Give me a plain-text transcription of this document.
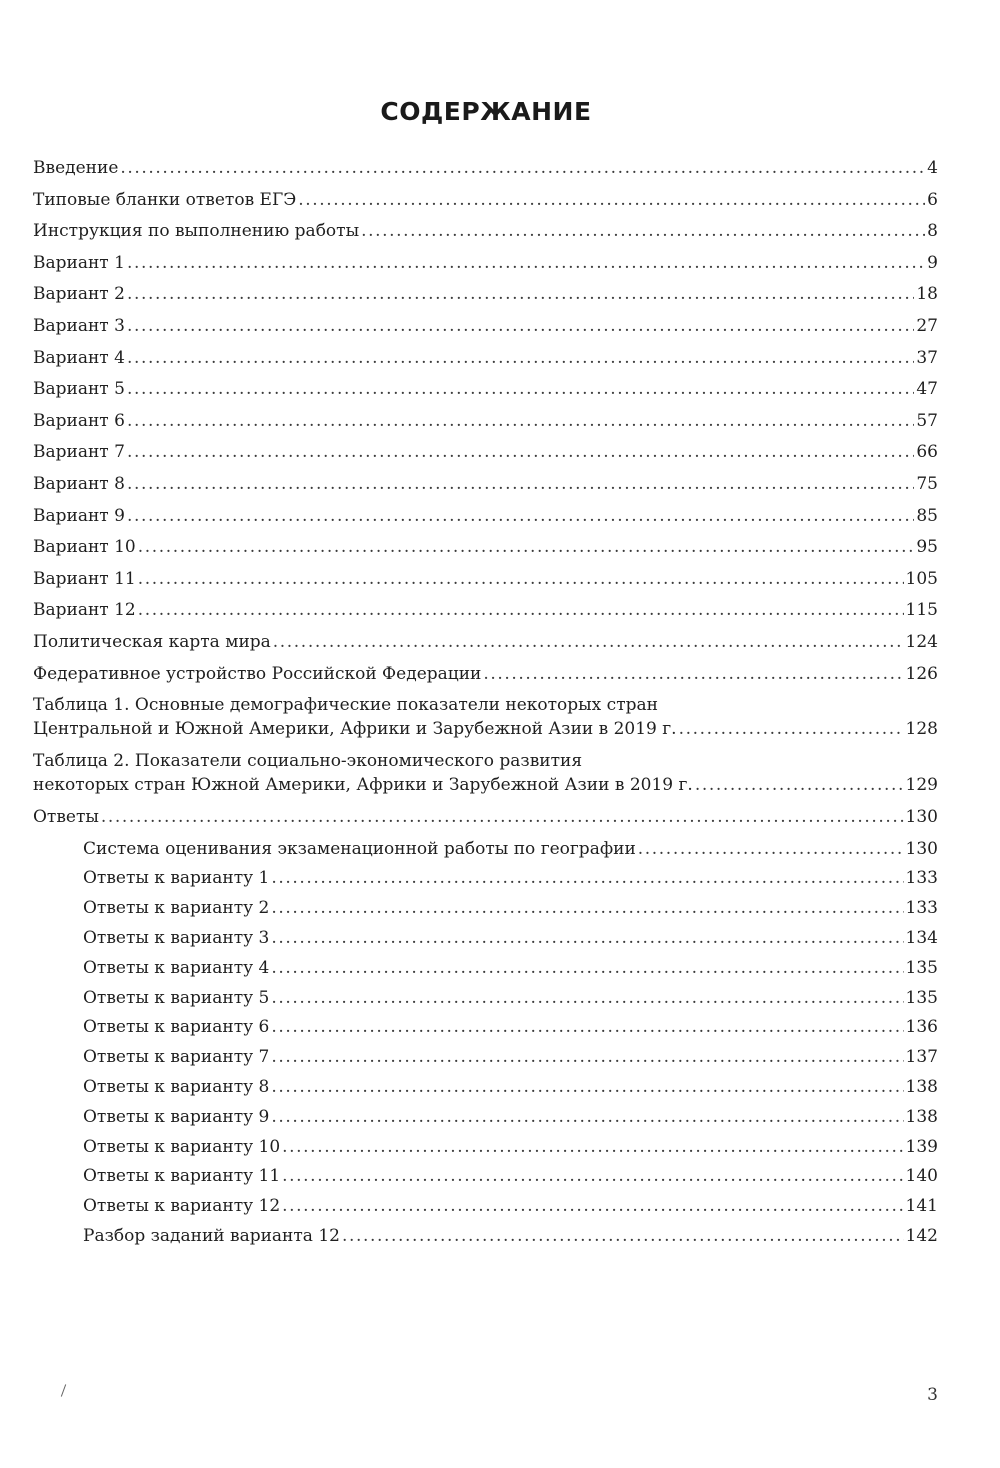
СОДЕРЖАНИЕ
Введение .....	4
Типовые бланки ответов ЕГЭ .....	6
Инструкция по выполнению работы .....	8
Вариант 1 .....	9
Вариант 2 .....	18
Вариант 3 .....	27
Вариант 4 .....	37
Вариант 5 .....	47
Вариант 6 .....	57
Вариант 7 .....	66
Вариант 8 .....	75
Вариант 9 .....	85
Вариант 10 .....	95
Вариант 11 .....	105
Вариант 12 .....	115
Политическая карта мира .....	124
Федеративное устройство Российской Федерации .....	126
Таблица 1. Основные демографические показатели некоторых стран
Центральной и Южной Америки, Африки и Зарубежной Азии в 2019 г. .....	128
Таблица 2. Показатели социально-экономического развития
некоторых стран Южной Америки, Африки и Зарубежной Азии в 2019 г. .....	129
Ответы .....	130
Система оценивания экзаменационной работы по географии .....	130
Ответы к варианту 1 .....	133
Ответы к варианту 2 .....	133
Ответы к варианту 3 .....	134
Ответы к варианту 4 .....	135
Ответы к варианту 5 .....	135
Ответы к варианту 6 .....	136
Ответы к варианту 7 .....	137
Ответы к варианту 8 .....	138
Ответы к варианту 9 .....	138
Ответы к варианту 10 .....	139
Ответы к варианту 11 .....	140
Ответы к варианту 12 .....	141
Разбор заданий варианта 12 .....	142
3
